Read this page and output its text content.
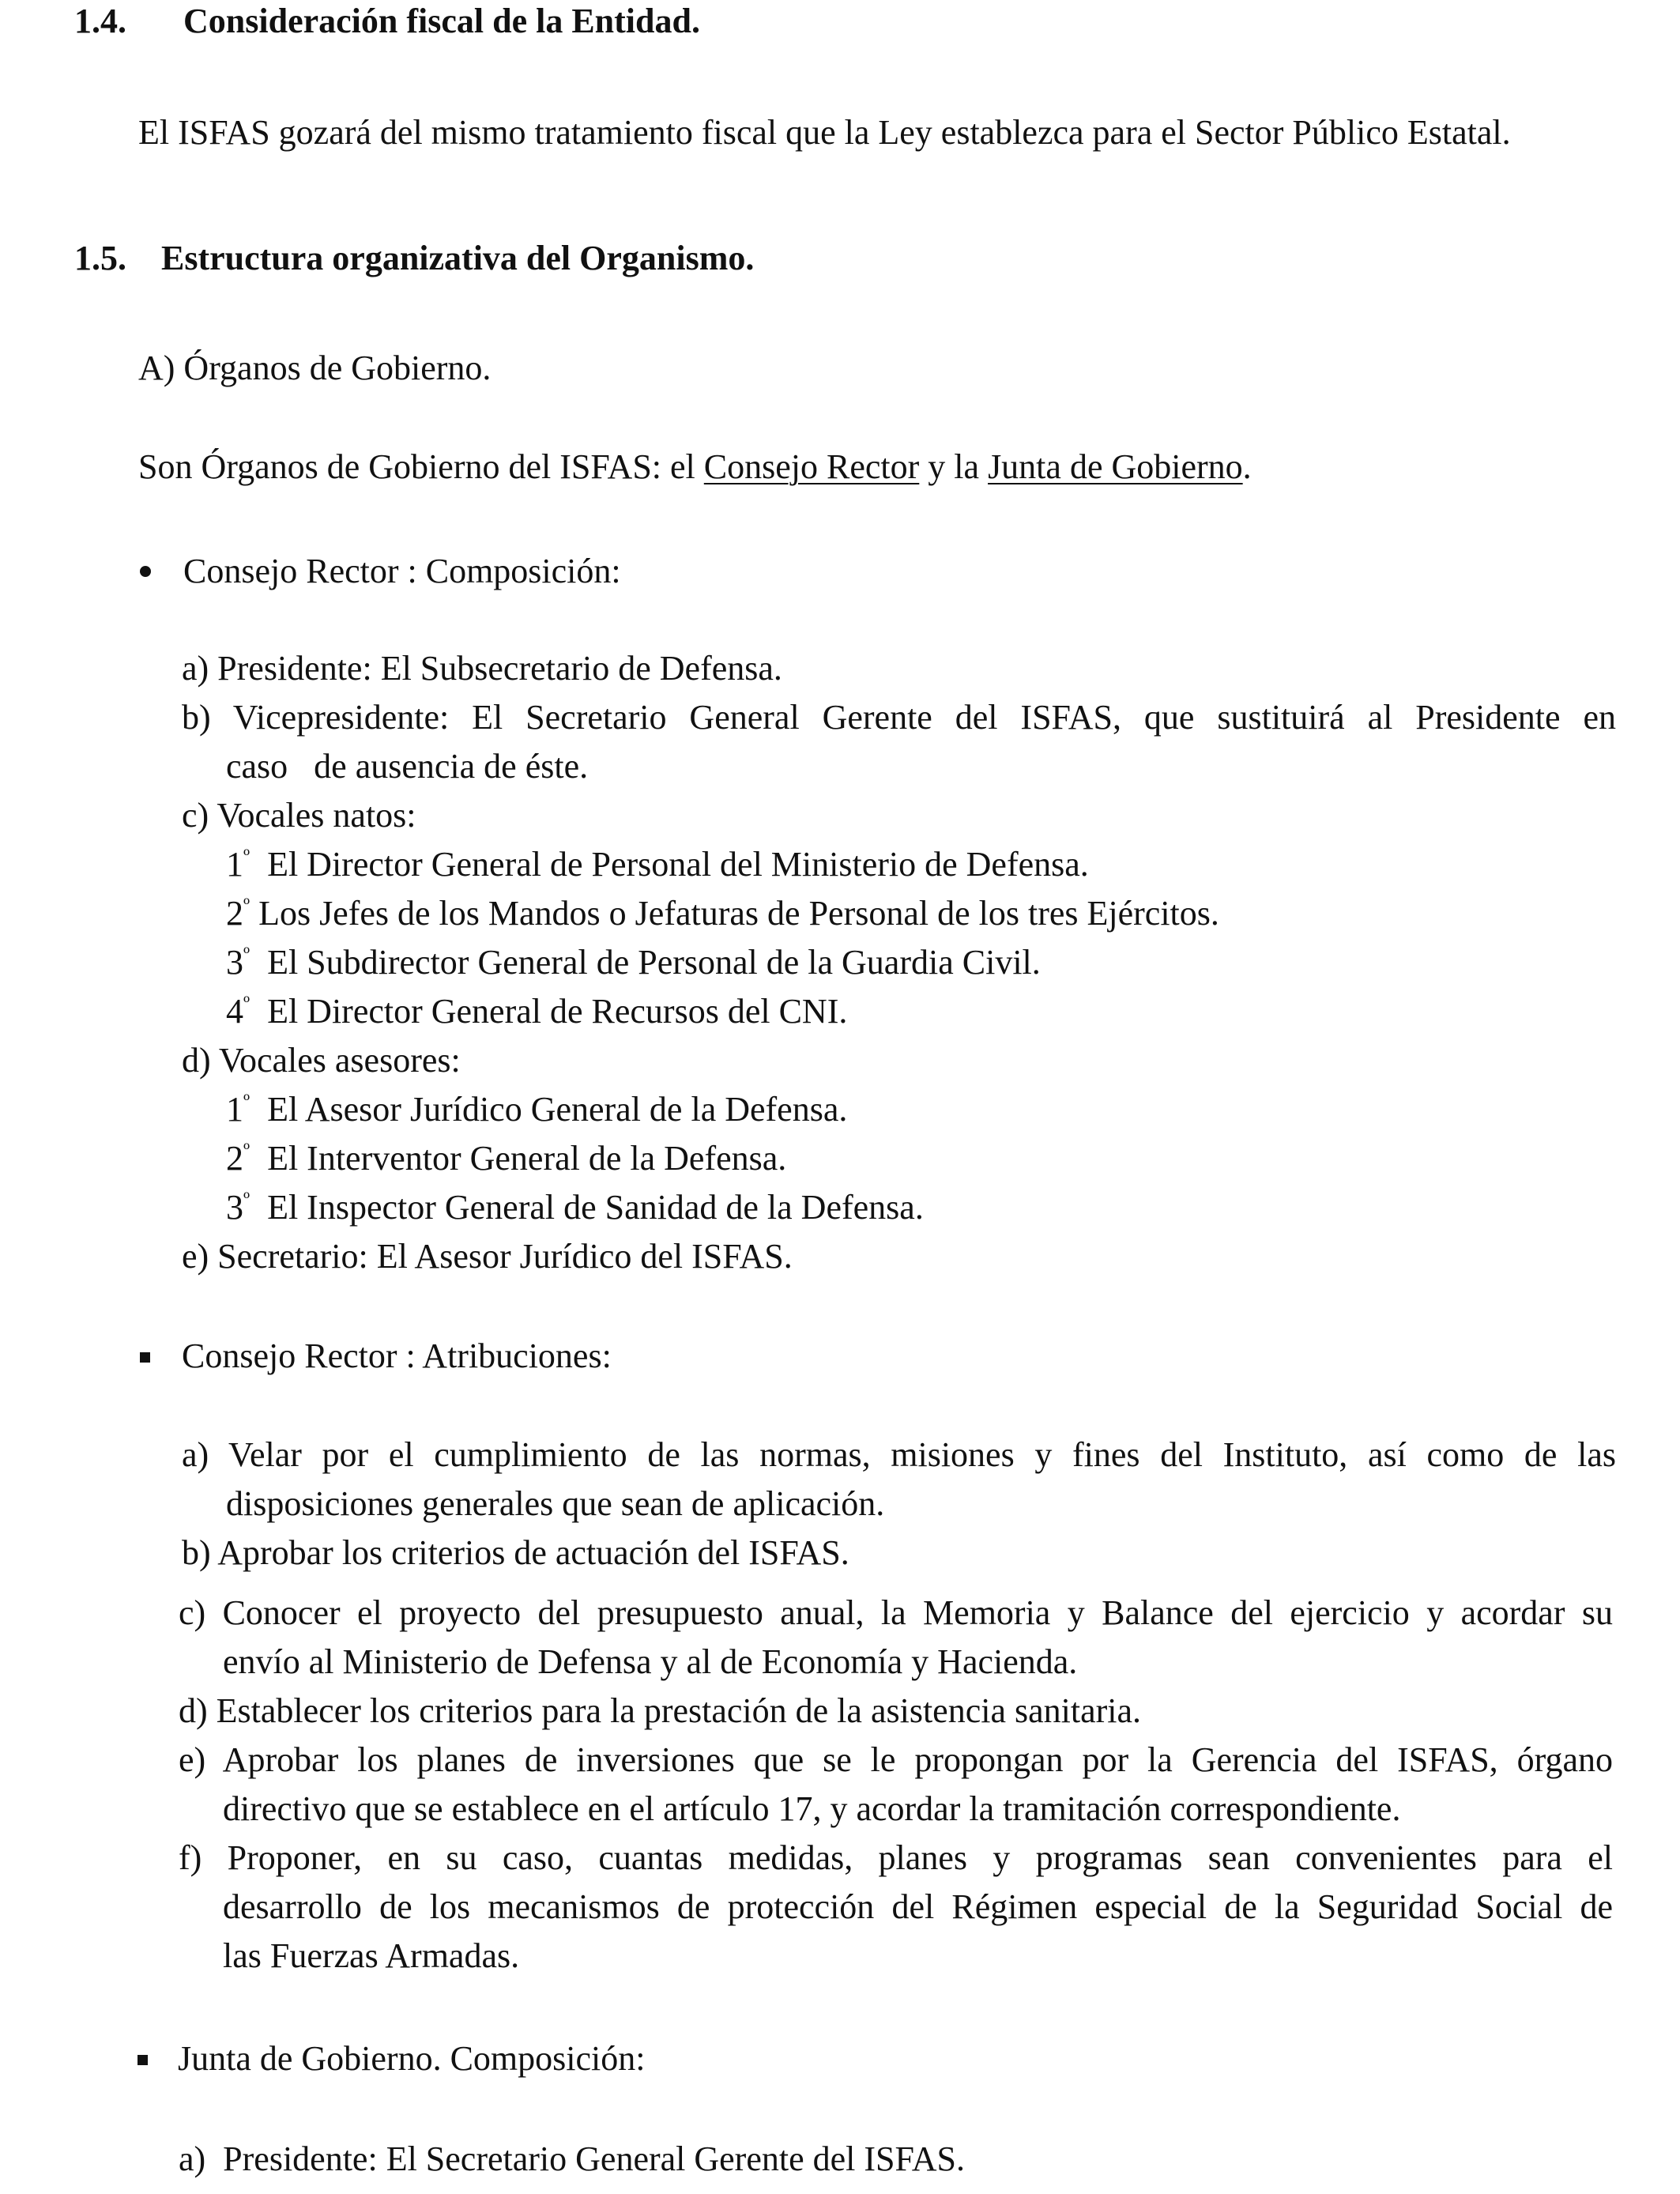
1.4. Consideración fiscal de la Entidad.
El ISFAS gozará del mismo tratamiento fiscal que la Ley establezca para el Sector Público Estatal.
1.5. Estructura organizativa del Organismo.
A) Órganos de Gobierno.
Son Órganos de Gobierno del ISFAS: el Consejo Rector y la Junta de Gobierno.
Consejo Rector : Composición:
a) Presidente: El Subsecretario de Defensa.
b) Vicepresidente: El Secretario General Gerente del ISFAS, que sustituirá al Presidente en
caso   de ausencia de éste.
c) Vocales natos:
$1^º$ El Director General de Personal del Ministerio de Defensa.
$2^º$ Los Jefes de los Mandos o Jefaturas de Personal de los tres Ejércitos.
$3^º$ El Subdirector General de Personal de la Guardia Civil.
$4^º$ El Director General de Recursos del CNI.
d) Vocales asesores:
$1^º$ El Asesor Jurídico General de la Defensa.
$2^º$ El Interventor General de la Defensa.
$3^º$ El Inspector General de Sanidad de la Defensa.
e) Secretario: El Asesor Jurídico del ISFAS.
Consejo Rector : Atribuciones:
a) Velar por el cumplimiento de las normas, misiones y fines del Instituto, así como de las
disposiciones generales que sean de aplicación.
b) Aprobar los criterios de actuación del ISFAS.
c) Conocer el proyecto del presupuesto anual, la Memoria y Balance del ejercicio y acordar su
envío al Ministerio de Defensa y al de Economía y Hacienda.
d) Establecer los criterios para la prestación de la asistencia sanitaria.
e) Aprobar los planes de inversiones que se le propongan por la Gerencia del ISFAS, órgano
directivo que se establece en el artículo 17, y acordar la tramitación correspondiente.
f) Proponer, en su caso, cuantas medidas, planes y programas sean convenientes para el
desarrollo de los mecanismos de protección del Régimen especial de la Seguridad Social de
las Fuerzas Armadas.
Junta de Gobierno. Composición:
a)  Presidente: El Secretario General Gerente del ISFAS.
